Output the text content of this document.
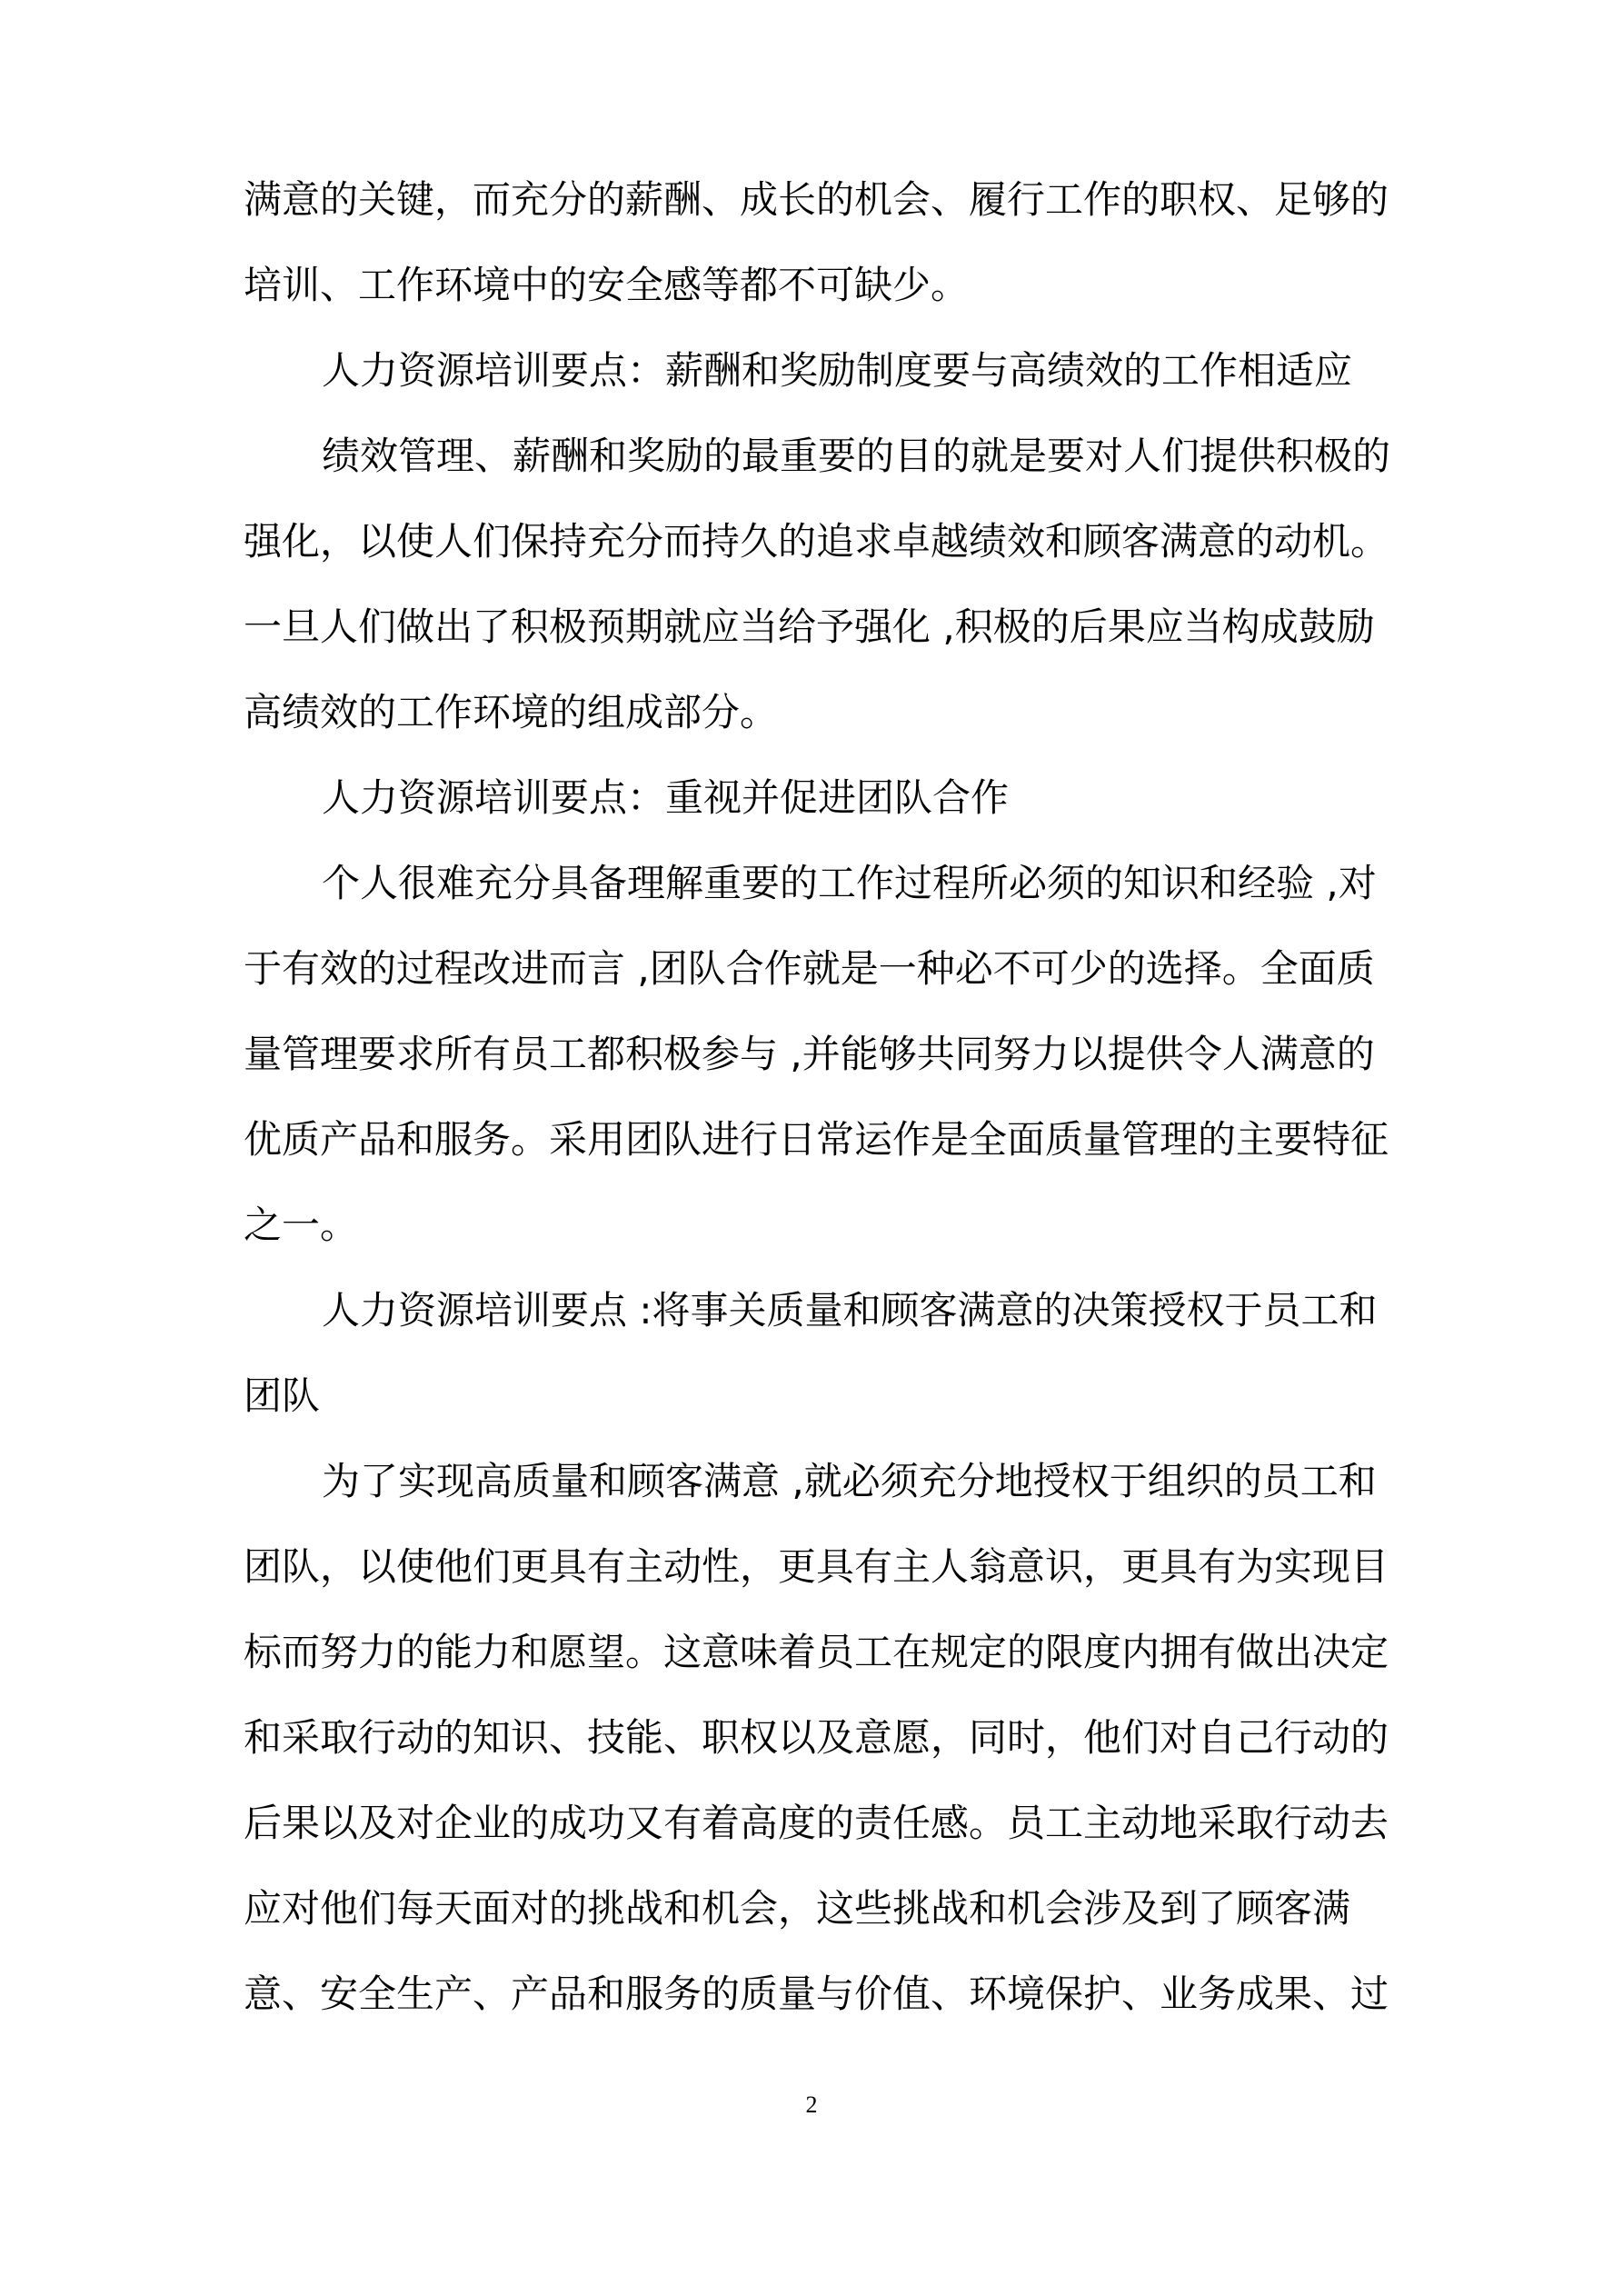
满意的关键，而充分的薪酬、成长的机会、履行工作的职权、足够的
培训、工作环境中的安全感等都不可缺少。
人力资源培训要点：薪酬和奖励制度要与高绩效的工作相适应
绩效管理、薪酬和奖励的最重要的目的就是要对人们提供积极的
强化，以使人们保持充分而持久的追求卓越绩效和顾客满意的动机。
一旦人们做出了积极预期就应当给予强化 ,积极的后果应当构成鼓励
高绩效的工作环境的组成部分。
人力资源培训要点：重视并促进团队合作
个人很难充分具备理解重要的工作过程所必须的知识和经验 ,对
于有效的过程改进而言 ,团队合作就是一种必不可少的选择。全面质
量管理要求所有员工都积极参与 ,并能够共同努力以提供令人满意的
优质产品和服务。采用团队进行日常运作是全面质量管理的主要特征
之一。
人力资源培训要点 :将事关质量和顾客满意的决策授权于员工和
团队
为了实现高质量和顾客满意 ,就必须充分地授权于组织的员工和
团队，以使他们更具有主动性，更具有主人翁意识，更具有为实现目
标而努力的能力和愿望。这意味着员工在规定的限度内拥有做出决定
和采取行动的知识、技能、职权以及意愿，同时，他们对自己行动的
后果以及对企业的成功又有着高度的责任感。员工主动地采取行动去
应对他们每天面对的挑战和机会，这些挑战和机会涉及到了顾客满
意、安全生产、产品和服务的质量与价值、环境保护、业务成果、过
2
